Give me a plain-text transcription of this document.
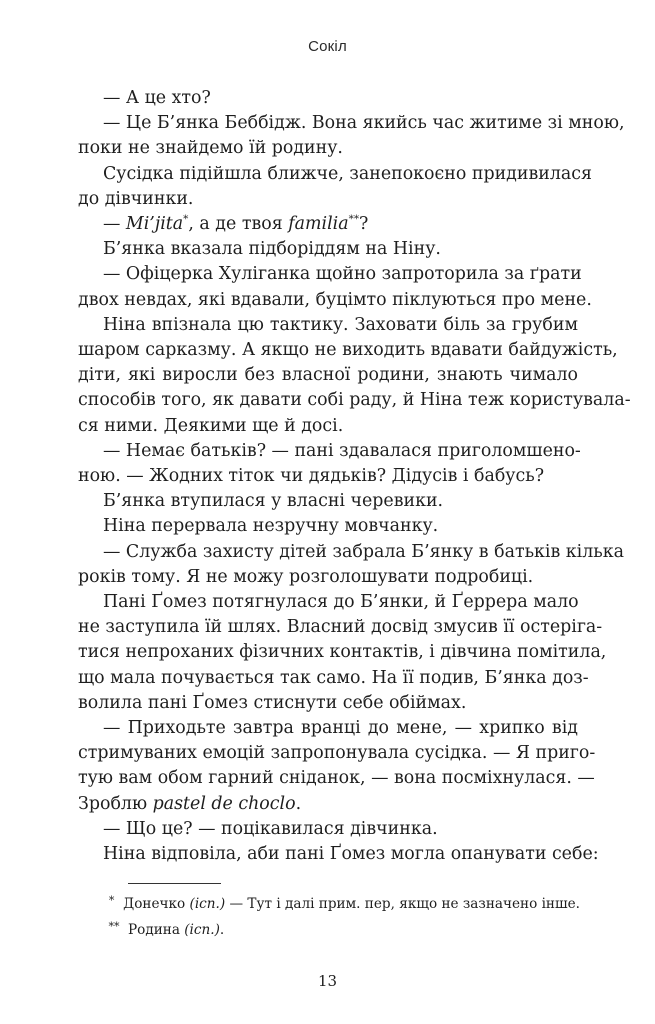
Сокіл
— А це хто?
— Це Б’янка Беббідж. Вона якийсь час житиме зі мною,
поки не знайдемо їй родину.
Сусідка підійшла ближче, занепокоєно придивилася
до дівчинки.
— Mi’jita*, а де твоя familia**?
Б’янка вказала підборіддям на Ніну.
— Офіцерка Хуліганка щойно запроторила за ґрати
двох невдах, які вдавали, буцімто піклуються про мене.
Ніна впізнала цю тактику. Заховати біль за грубим
шаром сарказму. А якщо не виходить вдавати байдужість,
діти, які виросли без власної родини, знають чимало
способів того, як давати собі раду, й Ніна теж користувала-
ся ними. Деякими ще й досі.
— Немає батьків? — пані здавалася приголомшено-
ною. — Жодних тіток чи дядьків? Дідусів і бабусь?
Б’янка втупилася у власні черевики.
Ніна перервала незручну мовчанку.
— Служба захисту дітей забрала Б’янку в батьків кілька
років тому. Я не можу розголошувати подробиці.
Пані Ґомез потягнулася до Б’янки, й Ґеррера мало
не заступила їй шлях. Власний досвід змусив її остеріга-
тися непроханих фізичних контактів, і дівчина помітила,
що мала почувається так само. На її подив, Б’янка доз-
волила пані Ґомез стиснути себе обіймах.
— Приходьте завтра вранці до мене, — хрипко від
стримуваних емоцій запропонувала сусідка. — Я приго-
тую вам обом гарний сніданок, — вона посміхнулася. —
Зроблю pastel de choclo.
— Що це? — поцікавилася дівчинка.
Ніна відповіла, аби пані Ґомез могла опанувати себе:
* Донечко (ісп.) — Тут і далі прим. пер, якщо не зазначено інше.
** Родина (ісп.).
13
